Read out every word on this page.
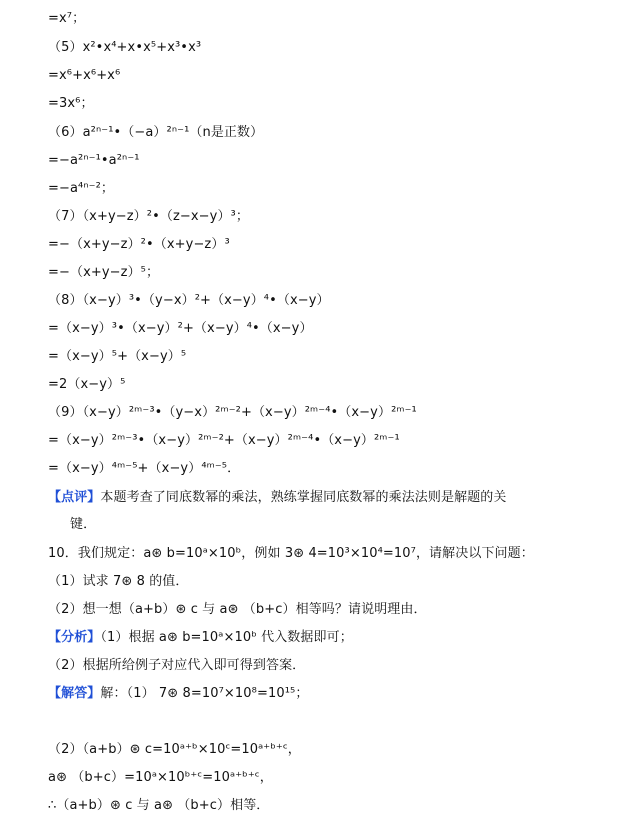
=x⁷；
（5）x²•x⁴+x•x⁵+x³•x³
=x⁶+x⁶+x⁶
=3x⁶；
（6）a²ⁿ⁻¹•（−a）²ⁿ⁻¹（n是正数）
=−a²ⁿ⁻¹•a²ⁿ⁻¹
=−a⁴ⁿ⁻²；
（7）（x+y−z）²•（z−x−y）³；
=−（x+y−z）²•（x+y−z）³
=−（x+y−z）⁵；
（8）（x−y）³•（y−x）²+（x−y）⁴•（x−y）
=（x−y）³•（x−y）²+（x−y）⁴•（x−y）
=（x−y）⁵+（x−y）⁵
=2（x−y）⁵
（9）（x−y）²ᵐ⁻³•（y−x）²ᵐ⁻²+（x−y）²ᵐ⁻⁴•（x−y）²ᵐ⁻¹
=（x−y）²ᵐ⁻³•（x−y）²ᵐ⁻²+（x−y）²ᵐ⁻⁴•（x−y）²ᵐ⁻¹
=（x−y）⁴ᵐ⁻⁵+（x−y）⁴ᵐ⁻⁵．
【点评】本题考查了同底数幂的乘法，熟练掌握同底数幂的乘法法则是解题的关
键．
10．我们规定：a⊛ b=10ᵃ×10ᵇ，例如 3⊛ 4=10³×10⁴=10⁷，请解决以下问题：
（1）试求 7⊛ 8 的值．
（2）想一想（a+b）⊛ c 与 a⊛ （b+c）相等吗？请说明理由．
【分析】（1）根据 a⊛ b=10ᵃ×10ᵇ 代入数据即可；
（2）根据所给例子对应代入即可得到答案．
【解答】解：（1） 7⊛ 8=10⁷×10⁸=10¹⁵；
（2）（a+b）⊛ c=10ᵃ⁺ᵇ×10ᶜ=10ᵃ⁺ᵇ⁺ᶜ，
a⊛ （b+c）=10ᵃ×10ᵇ⁺ᶜ=10ᵃ⁺ᵇ⁺ᶜ，
∴（a+b）⊛ c 与 a⊛ （b+c）相等．
